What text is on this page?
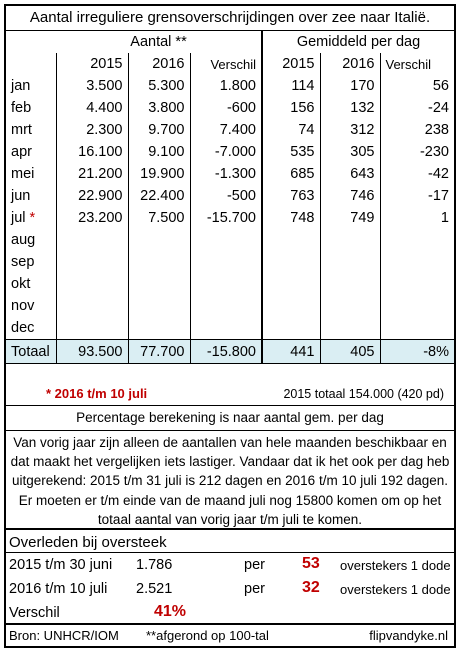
Aantal irreguliere grensoverschrijdingen over zee naar Italië.
	Aantal **			Gemiddeld per dag		
	2015	2016	Verschil	2015	2016	Verschil
jan	3.500	5.300	1.800	114	170	56
feb	4.400	3.800	-600	156	132	-24
mrt	2.300	9.700	7.400	74	312	238
apr	16.100	9.100	-7.000	535	305	-230
mei	21.200	19.900	-1.300	685	643	-42
jun	22.900	22.400	-500	763	746	-17
jul *	23.200	7.500	-15.700	748	749	1
aug						
sep						
okt						
nov						
dec						
Totaal	93.500	77.700	-15.800	441	405	-8%
* 2016 t/m 10 juli	2015 totaal 154.000 (420 pd)
Percentage berekening is naar aantal gem. per dag
Van vorig jaar zijn alleen de aantallen van hele maanden beschikbaar en dat maakt het vergelijken iets lastiger. Vandaar dat ik het ook per dag heb uitgerekend: 2015 t/m 31 juli is 212 dagen en 2016 t/m 10 juli 192 dagen. Er moeten er t/m einde van de maand juli nog 15800 komen om op het totaal aantal van vorig jaar t/m juli te komen.
Overleden bij oversteek
2015 t/m 30 juni 1.786	per 53 overstekers 1 dode
2016 t/m 10 juli 2.521	per 32 overstekers 1 dode
Verschil	41%
Bron: UNHCR/IOM **afgerond op 100-tal	flipvandyke.nl
